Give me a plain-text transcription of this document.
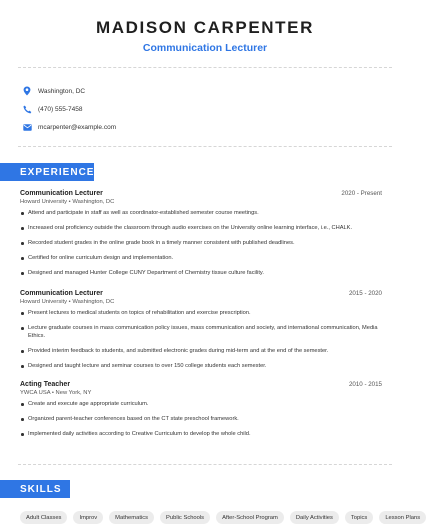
MADISON CARPENTER
Communication Lecturer
Washington, DC
(470) 555-7458
mcarpenter@example.com
EXPERIENCE
Communication Lecturer	2020 - Present
Howard University • Washington, DC
Attend and participate in staff as well as coordinator-established semester course meetings.
Increased oral proficiency outside the classroom through audio exercises on the University online learning interface, i.e., CHALK.
Recorded student grades in the online grade book in a timely manner consistent with published deadlines.
Certified for online curriculum design and implementation.
Designed and managed Hunter College CUNY Department of Chemistry tissue culture facility.
Communication Lecturer	2015 - 2020
Howard University • Washington, DC
Present lectures to medical students on topics of rehabilitation and exercise prescription.
Lecture graduate courses in mass communication policy issues, mass communication and society, and international communication, Media Ethics.
Provided interim feedback to students, and submitted electronic grades during mid-term and at the end of the semester.
Designed and taught lecture and seminar courses to over 150 college students each semester.
Acting Teacher	2010 - 2015
YWCA USA • New York, NY
Create and execute age appropriate curriculum.
Organized parent-teacher conferences based on the CT state preschool framework.
Implemented daily activities according to Creative Curriculum to develop the whole child.
SKILLS
Adult Classes	Improv	Mathematics	Public Schools	After-School Program	Daily Activities	Topics	Lesson Plans
